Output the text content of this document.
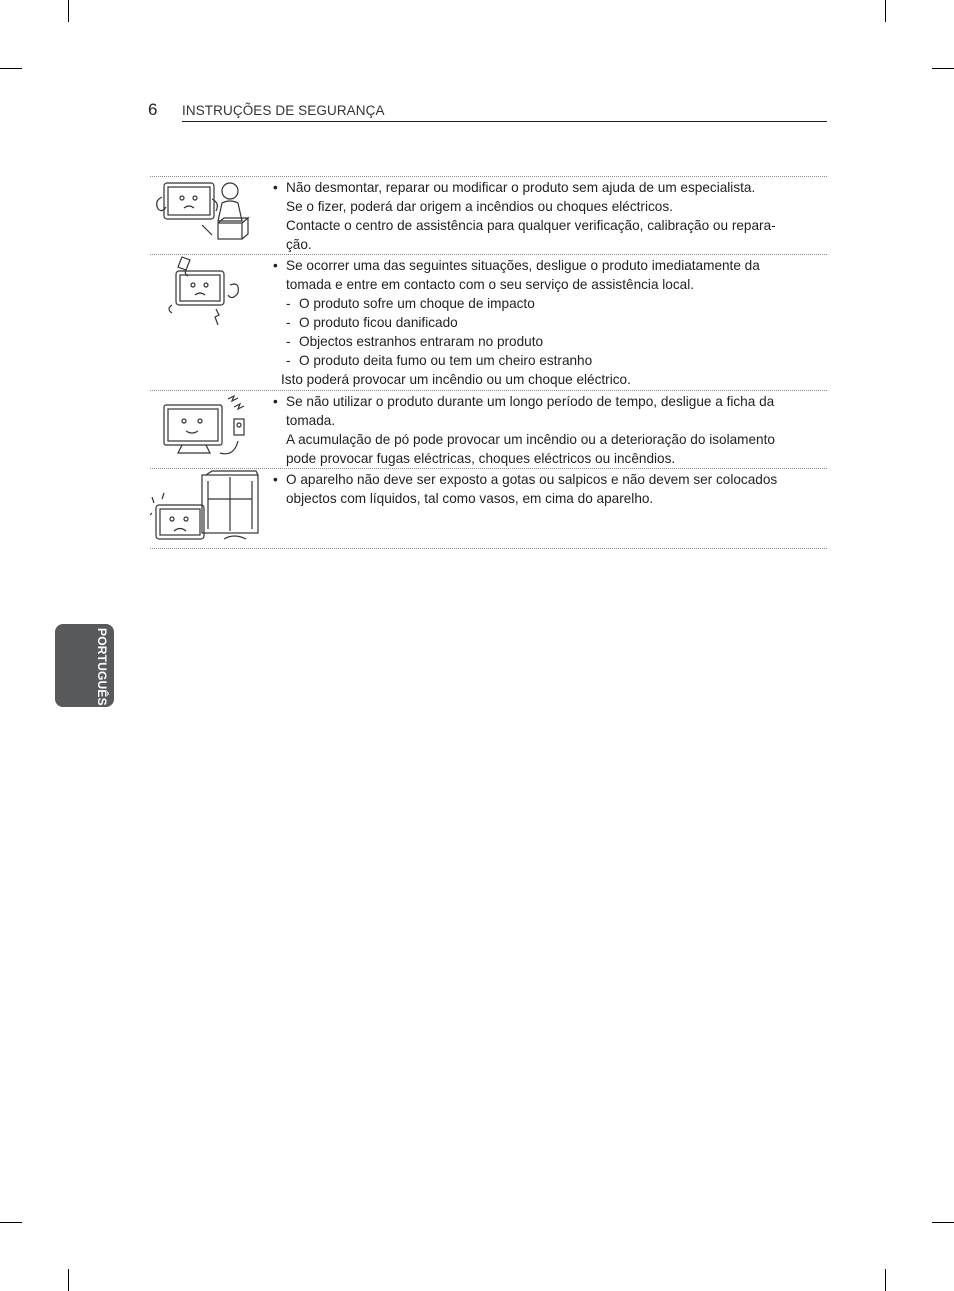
6 INSTRUÇÕES DE SEGURANÇA
• Não desmontar, reparar ou modificar o produto sem ajuda de um especialista.
Se o fizer, poderá dar origem a incêndios ou choques eléctricos.
Contacte o centro de assistência para qualquer verificação, calibração ou repara-
ção.
• Se ocorrer uma das seguintes situações, desligue o produto imediatamente da
tomada e entre em contacto com o seu serviço de assistência local.
- O produto sofre um choque de impacto
- O produto ficou danificado
- Objectos estranhos entraram no produto
- O produto deita fumo ou tem um cheiro estranho
Isto poderá provocar um incêndio ou um choque eléctrico.
• Se não utilizar o produto durante um longo período de tempo, desligue a ficha da
tomada.
A acumulação de pó pode provocar um incêndio ou a deterioração do isolamento
pode provocar fugas eléctricas, choques eléctricos ou incêndios.
• O aparelho não deve ser exposto a gotas ou salpicos e não devem ser colocados
objectos com líquidos, tal como vasos, em cima do aparelho.
PORTUGUÊS
